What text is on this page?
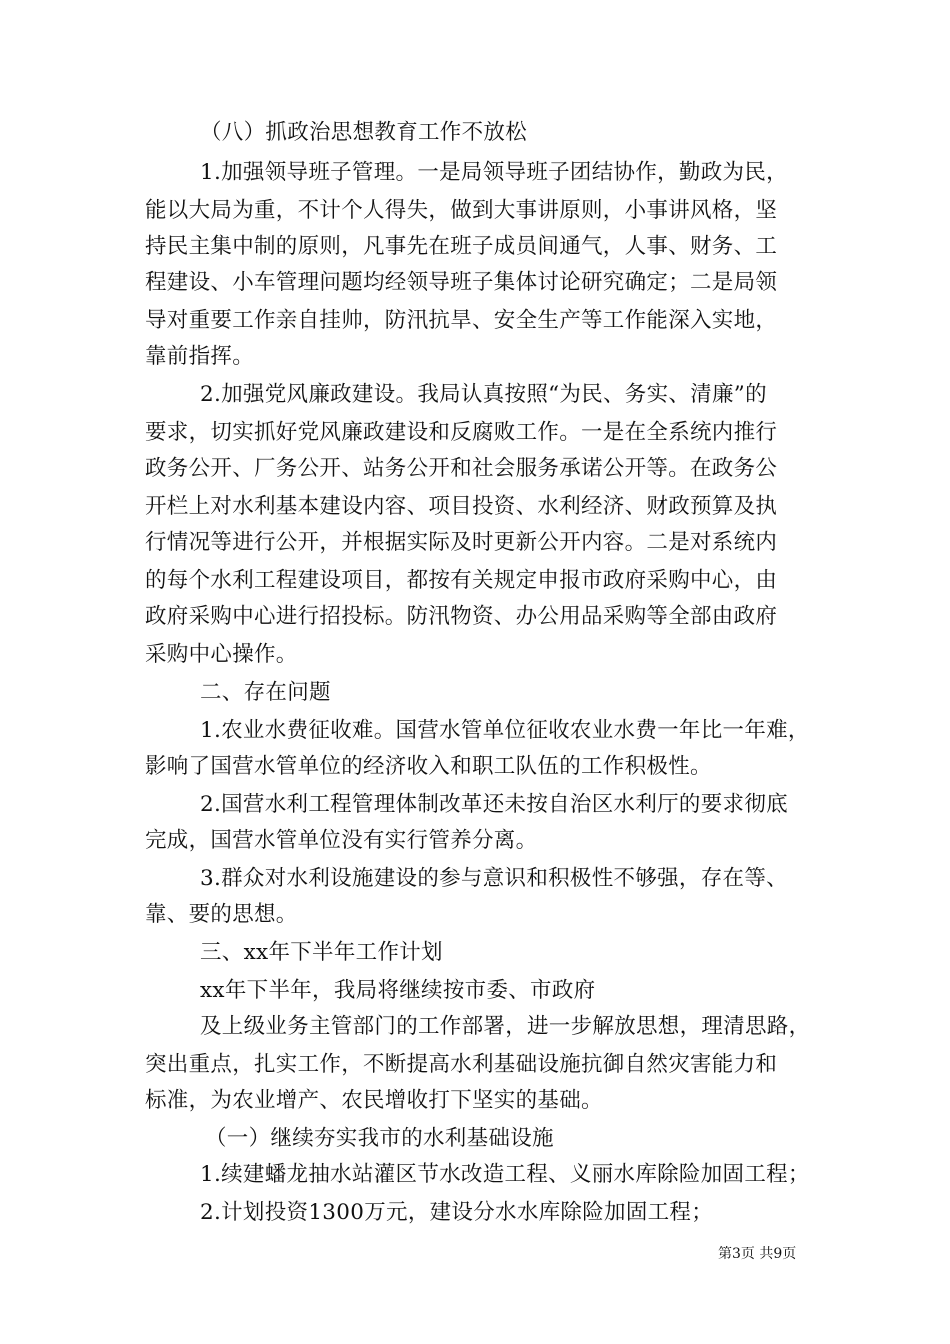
（八）抓政治思想教育工作不放松
1.加强领导班子管理。一是局领导班子团结协作，勤政为民，
能以大局为重，不计个人得失，做到大事讲原则，小事讲风格，坚
持民主集中制的原则，凡事先在班子成员间通气，人事、财务、工
程建设、小车管理问题均经领导班子集体讨论研究确定；二是局领
导对重要工作亲自挂帅，防汛抗旱、安全生产等工作能深入实地，
靠前指挥。
2.加强党风廉政建设。我局认真按照“为民、务实、清廉”的
要求，切实抓好党风廉政建设和反腐败工作。一是在全系统内推行
政务公开、厂务公开、站务公开和社会服务承诺公开等。在政务公
开栏上对水利基本建设内容、项目投资、水利经济、财政预算及执
行情况等进行公开，并根据实际及时更新公开内容。二是对系统内
的每个水利工程建设项目，都按有关规定申报市政府采购中心，由
政府采购中心进行招投标。防汛物资、办公用品采购等全部由政府
采购中心操作。
二、存在问题
1.农业水费征收难。国营水管单位征收农业水费一年比一年难，
影响了国营水管单位的经济收入和职工队伍的工作积极性。
2.国营水利工程管理体制改革还未按自治区水利厅的要求彻底
完成，国营水管单位没有实行管养分离。
3.群众对水利设施建设的参与意识和积极性不够强，存在等、
靠、要的思想。
三、xx年下半年工作计划
xx年下半年，我局将继续按市委、市政府
及上级业务主管部门的工作部署，进一步解放思想，理清思路，
突出重点，扎实工作，不断提高水利基础设施抗御自然灾害能力和
标准，为农业增产、农民增收打下坚实的基础。
（一）继续夯实我市的水利基础设施
1.续建蟠龙抽水站灌区节水改造工程、义丽水库除险加固工程；
2.计划投资1300万元，建设分水水库除险加固工程；
第3页 共9页
